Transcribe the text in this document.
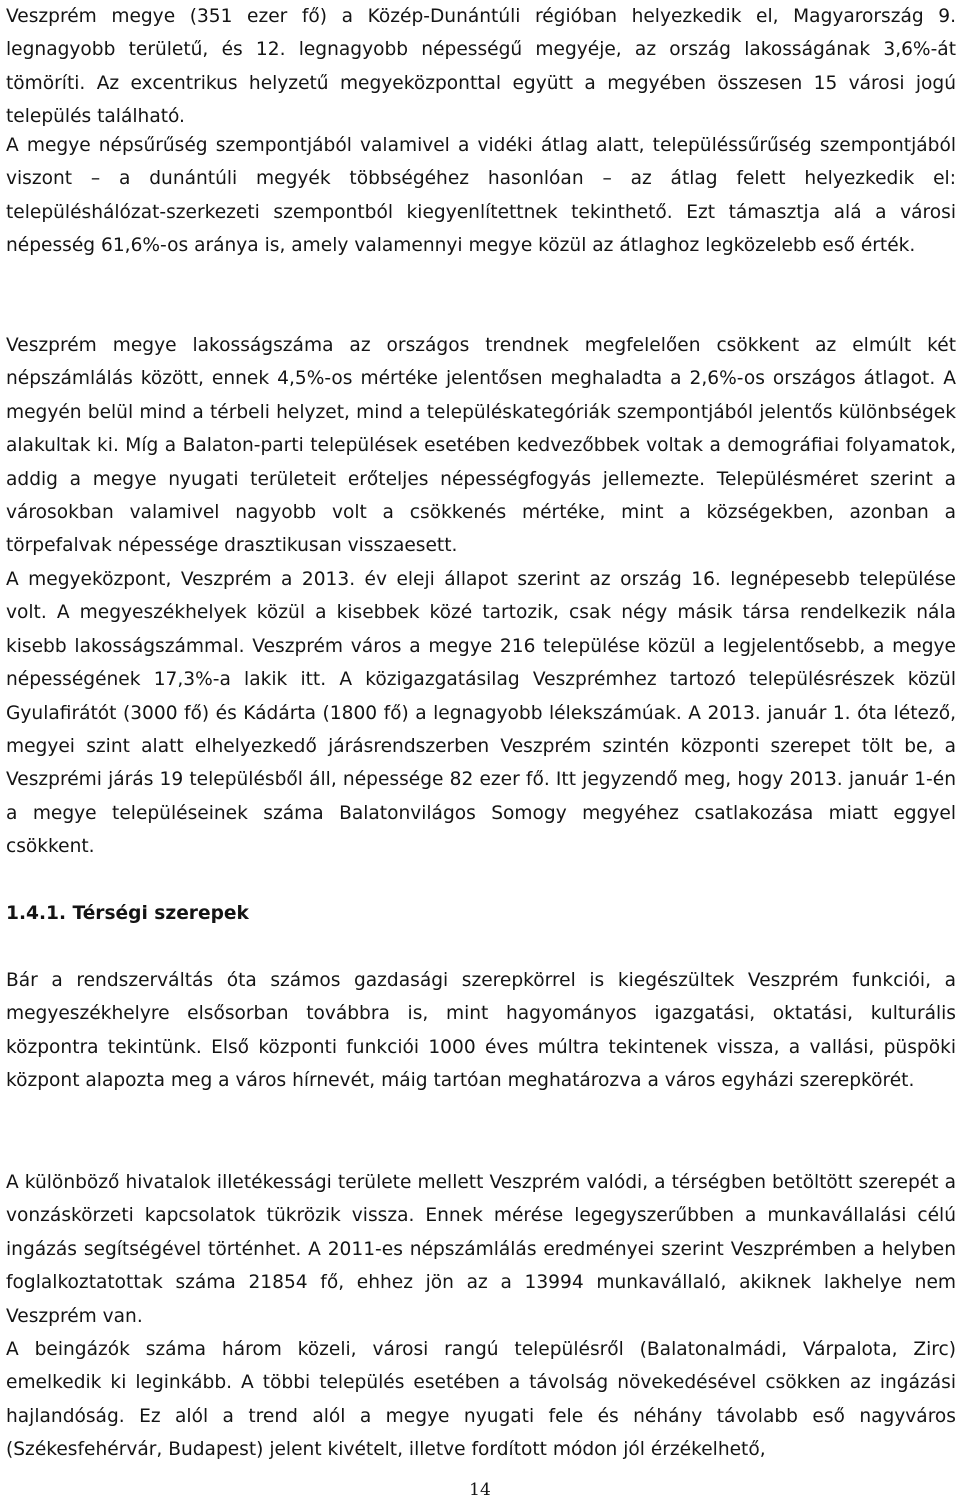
Veszprém megye (351 ezer fő) a Közép-Dunántúli régióban helyezkedik el, Magyarország 9. legnagyobb területű, és 12. legnagyobb népességű megyéje, az ország lakosságának 3,6%-át tömöríti. Az excentrikus helyzetű megyeközponttal együtt a megyében összesen 15 városi jogú település található.

A megye népsűrűség szempontjából valamivel a vidéki átlag alatt, településsűrűség szempontjából viszont – a dunántúli megyék többségéhez hasonlóan – az átlag felett helyezkedik el: településhálózat-szerkezeti szempontból kiegyenlítettnek tekinthető. Ezt támasztja alá a városi népesség 61,6%-os aránya is, amely valamennyi megye közül az átlaghoz legközelebb eső érték.

Veszprém megye lakosságszáma az országos trendnek megfelelően csökkent az elmúlt két népszámlálás között, ennek 4,5%-os mértéke jelentősen meghaladta a 2,6%-os országos átlagot. A megyén belül mind a térbeli helyzet, mind a településkategóriák szempontjából jelentős különbségek alakultak ki. Míg a Balaton-parti települések esetében kedvezőbbek voltak a demográfiai folyamatok, addig a megye nyugati területeit erőteljes népességfogyás jellemezte. Településméret szerint a városokban valamivel nagyobb volt a csökkenés mértéke, mint a községekben, azonban a törpefalvak népessége drasztikusan visszaesett.

A megyeközpont, Veszprém a 2013. év eleji állapot szerint az ország 16. legnépesebb települése volt. A megyeszékhelyek közül a kisebbek közé tartozik, csak négy másik társa rendelkezik nála kisebb lakosságszámmal. Veszprém város a megye 216 települése közül a legjelentősebb, a megye népességének 17,3%-a lakik itt. A közigazgatásilag Veszprémhez tartozó településrészek közül Gyulafirátót (3000 fő) és Kádárta (1800 fő) a legnagyobb lélekszámúak. A 2013. január 1. óta létező, megyei szint alatt elhelyezkedő járásrendszerben Veszprém szintén központi szerepet tölt be, a Veszprémi járás 19 településből áll, népessége 82 ezer fő. Itt jegyzendő meg, hogy 2013. január 1-én a megye településeinek száma Balatonvilágos Somogy megyéhez csatlakozása miatt eggyel csökkent.

1.4.1. Térségi szerepek

Bár a rendszerváltás óta számos gazdasági szerepkörrel is kiegészültek Veszprém funkciói, a megyeszékhelyre elsősorban továbbra is, mint hagyományos igazgatási, oktatási, kulturális központra tekintünk. Első központi funkciói 1000 éves múltra tekintenek vissza, a vallási, püspöki központ alapozta meg a város hírnevét, máig tartóan meghatározva a város egyházi szerepkörét.

A különböző hivatalok illetékessági területe mellett Veszprém valódi, a térségben betöltött szerepét a vonzáskörzeti kapcsolatok tükrözik vissza. Ennek mérése legegyszerűbben a munkavállalási célú ingázás segítségével történhet. A 2011-es népszámlálás eredményei szerint Veszprémben a helyben foglalkoztatottak száma 21854 fő, ehhez jön az a 13994 munkavállaló, akiknek lakhelye nem Veszprém van.

A beingázók száma három közeli, városi rangú településről (Balatonalmádi, Várpalota, Zirc) emelkedik ki leginkább. A többi település esetében a távolság növekedésével csökken az ingázási hajlandóság. Ez alól a trend alól a megye nyugati fele és néhány távolabb eső nagyváros (Székesfehérvár, Budapest) jelent kivételt, illetve fordított módon jól érzékelhető,

14
